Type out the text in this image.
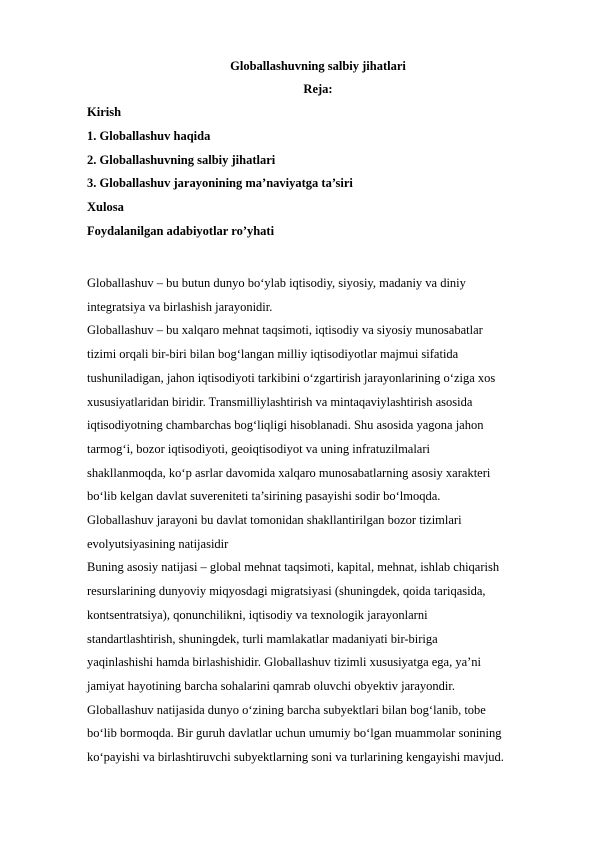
Globallashuvning salbiy jihatlari

Reja:

Kirish
1. Globallashuv haqida
2. Globallashuvning salbiy jihatlari
3. Globallashuv jarayonining ma’naviyatga ta’siri
Xulosa
Foydalanilgan adabiyotlar ro’yhati
Globallashuv – bu butun dunyo bo‘ylab iqtisodiy, siyosiy, madaniy va diniy
integratsiya va birlashish jarayonidir.
Globallashuv – bu xalqaro mehnat taqsimoti, iqtisodiy va siyosiy munosabatlar
tizimi orqali bir-biri bilan bog‘langan milliy iqtisodiyotlar majmui sifatida
tushuniladigan, jahon iqtisodiyoti tarkibini o‘zgartirish jarayonlarining o‘ziga xos
xususiyatlaridan biridir. Transmilliylashtirish va mintaqaviylashtirish asosida
iqtisodiyotning chambarchas bog‘liqligi hisoblanadi. Shu asosida yagona jahon
tarmog‘i, bozor iqtisodiyoti, geoiqtisodiyot va uning infratuzilmalari
shakllanmoqda, ko‘p asrlar davomida xalqaro munosabatlarning asosiy xarakteri
bo‘lib kelgan davlat suvereniteti ta’sirining pasayishi sodir bo‘lmoqda.
Globallashuv jarayoni bu davlat tomonidan shakllantirilgan bozor tizimlari
evolyutsiyasining natijasidir
Buning asosiy natijasi – global mehnat taqsimoti, kapital, mehnat, ishlab chiqarish
resurslarining dunyoviy miqyosdagi migratsiyasi (shuningdek, qoida tariqasida,
kontsentratsiya), qonunchilikni, iqtisodiy va texnologik jarayonlarni
standartlashtirish, shuningdek, turli mamlakatlar madaniyati bir-biriga
yaqinlashishi hamda birlashishidir. Globallashuv tizimli xususiyatga ega, ya’ni
jamiyat hayotining barcha sohalarini qamrab oluvchi obyektiv jarayondir.
Globallashuv natijasida dunyo o‘zining barcha subyektlari bilan bog‘lanib, tobe
bo‘lib bormoqda. Bir guruh davlatlar uchun umumiy bo‘lgan muammolar sonining
ko‘payishi va birlashtiruvchi subyektlarning soni va turlarining kengayishi mavjud.
